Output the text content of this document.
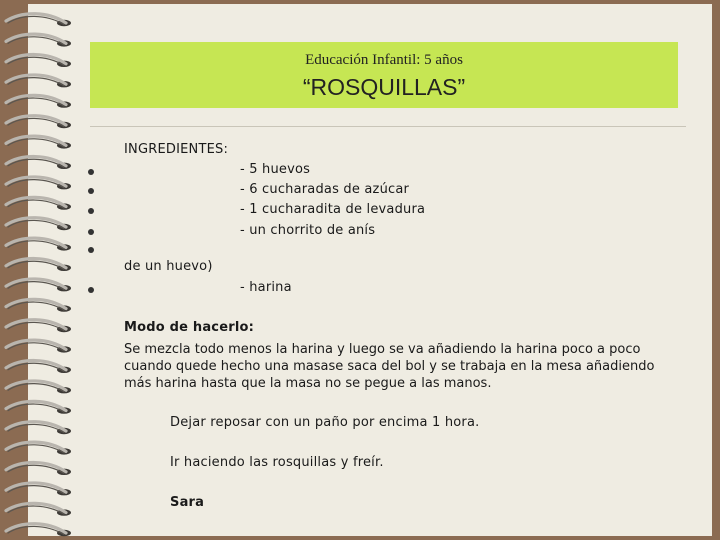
Educación Infantil: 5 años
“ROSQUILLAS”
INGREDIENTES:
- 5 huevos
- 6 cucharadas de azúcar
- 1 cucharadita de levadura
- un chorrito de anís
de un huevo)
- harina
Modo de hacerlo:
Se mezcla todo menos la harina y luego se va añadiendo la harina poco a poco cuando quede hecho una masase saca del bol y se trabaja en la mesa añadiendo más harina hasta que la masa no se pegue a las manos.
Dejar reposar con un paño por encima 1 hora.
Ir haciendo las rosquillas y freír.
Sara
